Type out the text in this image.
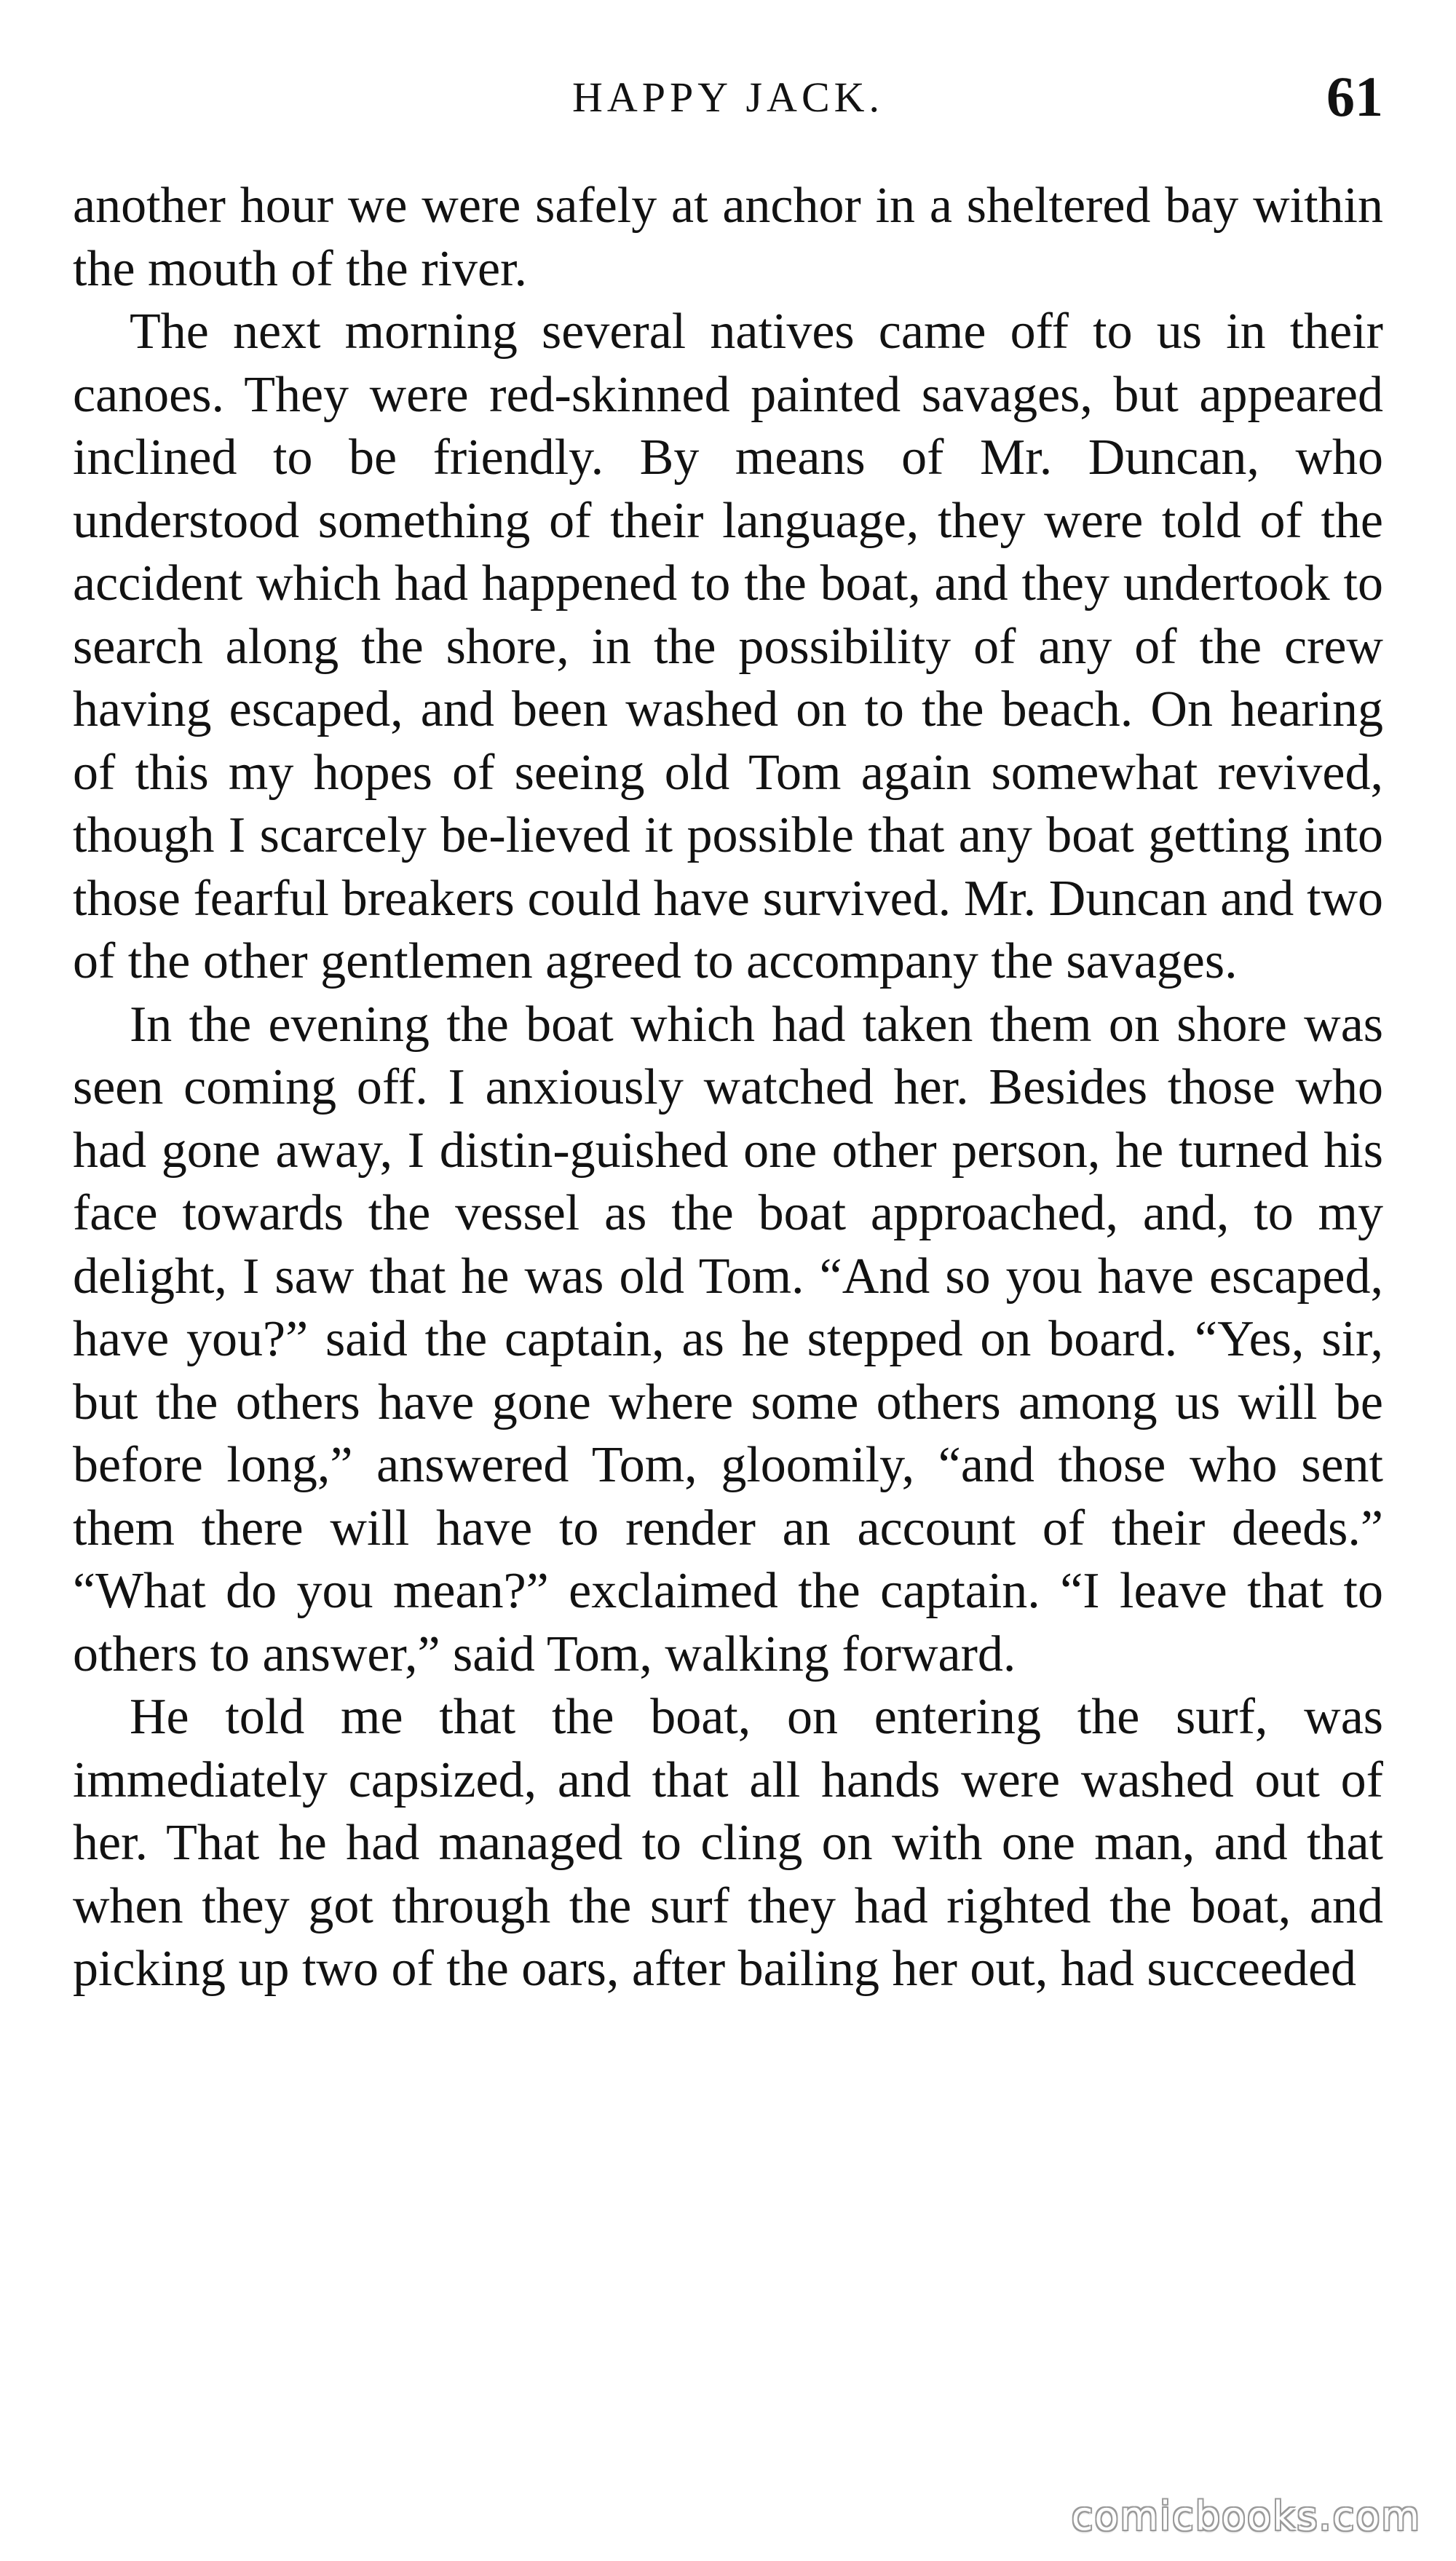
HAPPY JACK.	61

another hour we were safely at anchor in a sheltered bay within the mouth of the river.

The next morning several natives came off to us in their canoes. They were red-skinned painted savages, but appeared inclined to be friendly. By means of Mr. Duncan, who understood something of their language, they were told of the accident which had happened to the boat, and they undertook to search along the shore, in the possibility of any of the crew having escaped, and been washed on to the beach. On hearing of this my hopes of seeing old Tom again somewhat revived, though I scarcely be-lieved it possible that any boat getting into those fearful breakers could have survived. Mr. Duncan and two of the other gentlemen agreed to accompany the savages.

In the evening the boat which had taken them on shore was seen coming off. I anxiously watched her. Besides those who had gone away, I distin-guished one other person, he turned his face towards the vessel as the boat approached, and, to my delight, I saw that he was old Tom. “And so you have escaped, have you?” said the captain, as he stepped on board. “Yes, sir, but the others have gone where some others among us will be before long,” answered Tom, gloomily, “and those who sent them there will have to render an account of their deeds.” “What do you mean?” exclaimed the captain. “I leave that to others to answer,” said Tom, walking forward.

He told me that the boat, on entering the surf, was immediately capsized, and that all hands were washed out of her. That he had managed to cling on with one man, and that when they got through the surf they had righted the boat, and picking up two of the oars, after bailing her out, had succeeded

comicbooks.com
